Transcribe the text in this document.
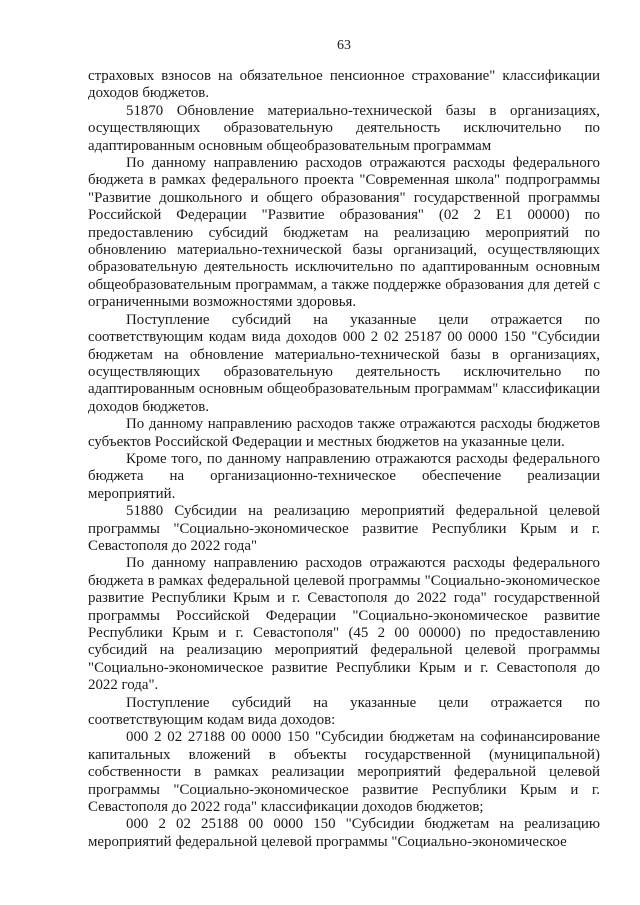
63

страховых взносов на обязательное пенсионное страхование" классификации доходов бюджетов.

51870 Обновление материально-технической базы в организациях, осуществляющих образовательную деятельность исключительно по адаптированным основным общеобразовательным программам

По данному направлению расходов отражаются расходы федерального бюджета в рамках федерального проекта "Современная школа" подпрограммы "Развитие дошкольного и общего образования" государственной программы Российской Федерации "Развитие образования" (02 2 Е1 00000) по предоставлению субсидий бюджетам на реализацию мероприятий по обновлению материально-технической базы организаций, осуществляющих образовательную деятельность исключительно по адаптированным основным общеобразовательным программам, а также поддержке образования для детей с ограниченными возможностями здоровья.

Поступление субсидий на указанные цели отражается по соответствующим кодам вида доходов 000 2 02 25187 00 0000 150 "Субсидии бюджетам на обновление материально-технической базы в организациях, осуществляющих образовательную деятельность исключительно по адаптированным основным общеобразовательным программам" классификации доходов бюджетов.

По данному направлению расходов также отражаются расходы бюджетов субъектов Российской Федерации и местных бюджетов на указанные цели.

Кроме того, по данному направлению отражаются расходы федерального бюджета на организационно-техническое обеспечение реализации мероприятий.

51880 Субсидии на реализацию мероприятий федеральной целевой программы "Социально-экономическое развитие Республики Крым и г. Севастополя до 2022 года"

По данному направлению расходов отражаются расходы федерального бюджета в рамках федеральной целевой программы "Социально-экономическое развитие Республики Крым и г. Севастополя до 2022 года" государственной программы Российской Федерации "Социально-экономическое развитие Республики Крым и г. Севастополя" (45 2 00 00000) по предоставлению субсидий на реализацию мероприятий федеральной целевой программы "Социально-экономическое развитие Республики Крым и г. Севастополя до 2022 года".

Поступление субсидий на указанные цели отражается по соответствующим кодам вида доходов:

000 2 02 27188 00 0000 150 "Субсидии бюджетам на софинансирование капитальных вложений в объекты государственной (муниципальной) собственности в рамках реализации мероприятий федеральной целевой программы "Социально-экономическое развитие Республики Крым и г. Севастополя до 2022 года" классификации доходов бюджетов;

000 2 02 25188 00 0000 150 "Субсидии бюджетам на реализацию мероприятий федеральной целевой программы "Социально-экономическое
